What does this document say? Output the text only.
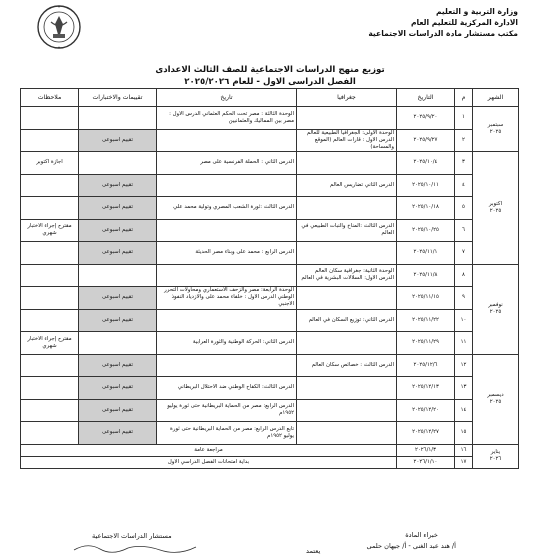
وزارة التربية و التعليم
الادارة المركزية للتعليم العام
مكتب مستشار مادة الدراسات الاجتماعية
توزيع منهج الدراسات الاجتماعية للصف الثالث الاعدادى
الفصل الدراسى الاول - للعام ٢٠٢٥/٢٠٢٦
الشهر	م	التاريخ	جغرافيا	تاريخ	تقييمات والاختبارات	ملاحظات

سبتمبر
٢٠٢٥	١	٢٠٢٥/٩/٢٠		الوحدة الثالثة : مصر تحت الحكم العثماني الدرس الاول : مصر بين المماليك والعثمانيين		
	٢	٢٠٢٥/٩/٢٧	الوحدة الاولى: الجغرافيا الطبيعية للعالم الدرس الاول : قارات العالم (الموقع والمساحة)		تقييم اسبوعى	

اكتوبر
٢٠٢٥	٣	٢٠٢٥/١٠/٤		الدرس الثاني : الحملة الفرنسية على مصر		اجازة اكتوبر
	٤	٢٠٢٥/١٠/١١	الدرس الثاني تضاريس العالم		تقييم اسبوعى	
	٥	٢٠٢٥/١٠/١٨		الدرس الثالث :ثورة الشعب المصري وتولية محمد علي	تقييم اسبوعى	
	٦	٢٠٢٥/١٠/٢٥	الدرس الثالث :المناخ والنبات الطبيعي في العالم		تقييم اسبوعى	مقترح إجراء الاختبار شهري
	٧	٢٠٢٥/١١/١		الدرس الرابع : محمد على وبناء مصر الحديثة	تقييم اسبوعى	

نوفمبر
٢٠٢٥	٨	٢٠٢٥/١١/٨	الوحدة الثانية: جغرافية سكان العالم الدرس الاول: السلالات البشرية في العالم			
	٩	٢٠٢٥/١١/١٥		الوحدة الرابعة: مصر والزحف الاستعماري ومحاولات التحرر الوطني الدرس الاول : خلفاء محمد على والازدياد النفوذ الاجنبي	تقييم اسبوعى	
	١٠	٢٠٢٥/١١/٢٢	الدرس الثاني: توزيع السكان في العالم		تقييم اسبوعى	
	١١	٢٠٢٥/١١/٢٩		الدرس الثاني: الحركة الوطنية والثورة العرابية		مقترح إجراء الاختبار شهري

ديسمبر
٢٠٢٥	١٢	٢٠٢٥/١٢/٦	الدرس الثالث : خصائص سكان العالم		تقييم اسبوعى	
	١٣	٢٠٢٥/١٢/١٣		الدرس الثالث: الكفاح الوطني ضد الاحتلال البريطاني	تقييم اسبوعى	
	١٤	٢٠٢٥/١٢/٢٠		الدرس الرابع: مصر من الحماية البريطانية حتى ثورة يوليو ١٩٥٢م	تقييم اسبوعى	
	١٥	٢٠٢٥/١٢/٢٧		تابع الدرس الرابع: مصر من الحماية البريطانية حتى ثورة يوليو ١٩٥٢م	تقييم اسبوعى	

يناير
٢٠٢٦	١٦	٢٠٢٦/١/٣	مراجعة عامة			
	١٧	٢٠٢٦/١/١٠	بداية امتحانات الفصل الدراسي الاول			
مستشار الدراسات الاجتماعية	خبراء المادة
أ/ هند عبد الغنى - أ/ جيهان حلمى
يعتمد
